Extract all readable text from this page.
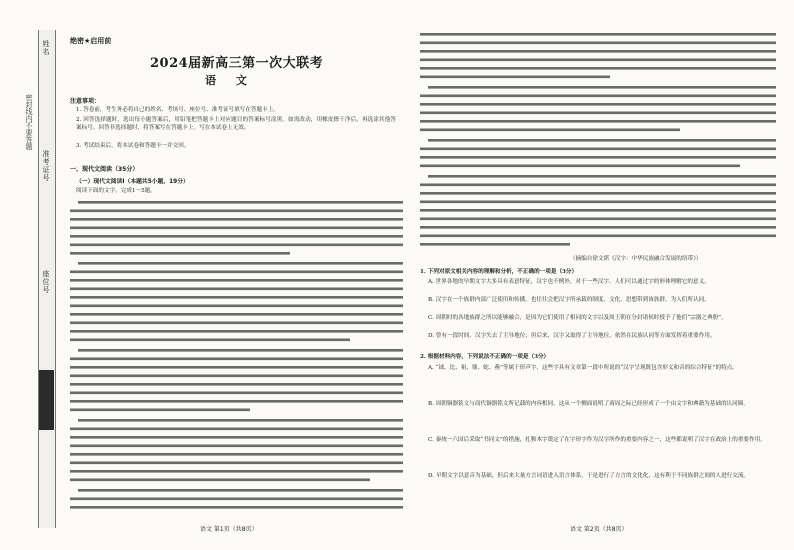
姓名
准考证号
座位号
密封线内不要答题
绝密★启用前
2024届新高三第一次大联考
语 文
注意事项：
1. 答卷前，考生务必将自己的姓名、考场号、座位号、准考证号填写在答题卡上。
2. 回答选择题时，选出每小题答案后，用铅笔把答题卡上对应题目的答案标号涂黑。如需改动，用橡皮擦干净后，再选涂其他答案标号。回答非选择题时，将答案写在答题卡上。写在本试卷上无效。
3. 考试结束后，将本试卷和答题卡一并交回。
一、现代文阅读（35分）
（一）现代文阅读Ⅰ（本题共5小题，19分）
阅读下面的文字，完成1～5题。
语文 第1页（共8页）
（摘编自徐文堪《汉字：中华民族融合发展的纽带》）
1. 下列对原文相关内容的理解和分析，不正确的一项是（3分）
A. 世界各地的早期文字大多具有表意特征，汉字也不例外，对于一些汉字，人们可以通过字的形体理解它的意义。
B. 汉字在一个族群内部广泛使用和传播，也往往会把汉字所承载的制度、文化、思想带到该族群，为人们所认同。
C. 周朝时的各地族群之所以能够融合，是因为它们使用了相同的文字以及周王朝在分封诸侯时授予了他们“宗器之典册”。
D. 曾有一段时间，汉字失去了主导地位；但后来，汉字又取得了主导地位，依然在民族认同等方面发挥着重要作用。
2. 根据材料内容，下列说法不正确的一项是（3分）
A. “钺、比、祖、鼎、蛇、燕”等属于形声字，这些字具有文章第一段中所说的“汉字呈现既包含形义和音的综合特征”的特点。
B. 周朝铜器铭文与商代铜器铭文所记载的内容相同，这从一个侧面说明了商周之际已经形成了一个由文字和典籍为基础的认同圈。
C. 秦统一六国后采取“书同文”的措施，扎鞍木字奠定了在字形字作为汉字所作的重要内容之一，这些都说明了汉字在政治上的重要作用。
D. 早期文字以意音为基础，但后来大量方言词语进入语言体系，于是进行了方言的文化化，这有利于不同族群之间的人进行交流。
语文 第2页（共8页）
